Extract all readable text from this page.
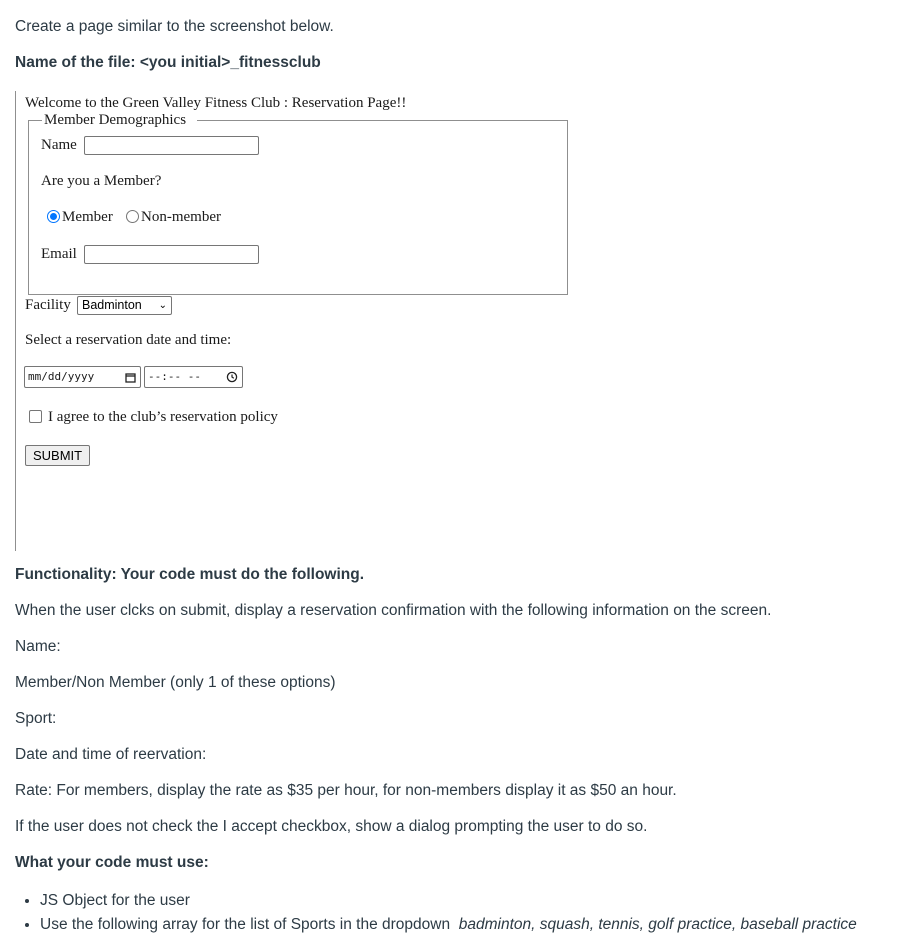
Create a page similar to the screenshot below.

Name of the file: <you initial>_fitnessclub

Welcome to the Green Valley Fitness Club : Reservation Page!!
Member Demographics
Name
Are you a Member?
Member Non-member
Email
Facility Badminton ⌄
Select a reservation date and time:
mm/dd/yyyy	--:-- --
I agree to the club’s reservation policy
SUBMIT

Functionality: Your code must do the following.

When the user clcks on submit, display a reservation confirmation with the following information on the screen.

Name:

Member/Non Member (only 1 of these options)

Sport:

Date and time of reervation:

Rate: For members, display the rate as $35 per hour, for non-members display it as $50 an hour.

If the user does not check the I accept checkbox, show a dialog prompting the user to do so.

What your code must use:

• JS Object for the user
• Use the following array for the list of Sports in the dropdown badminton, squash, tennis, golf practice, baseball practice
